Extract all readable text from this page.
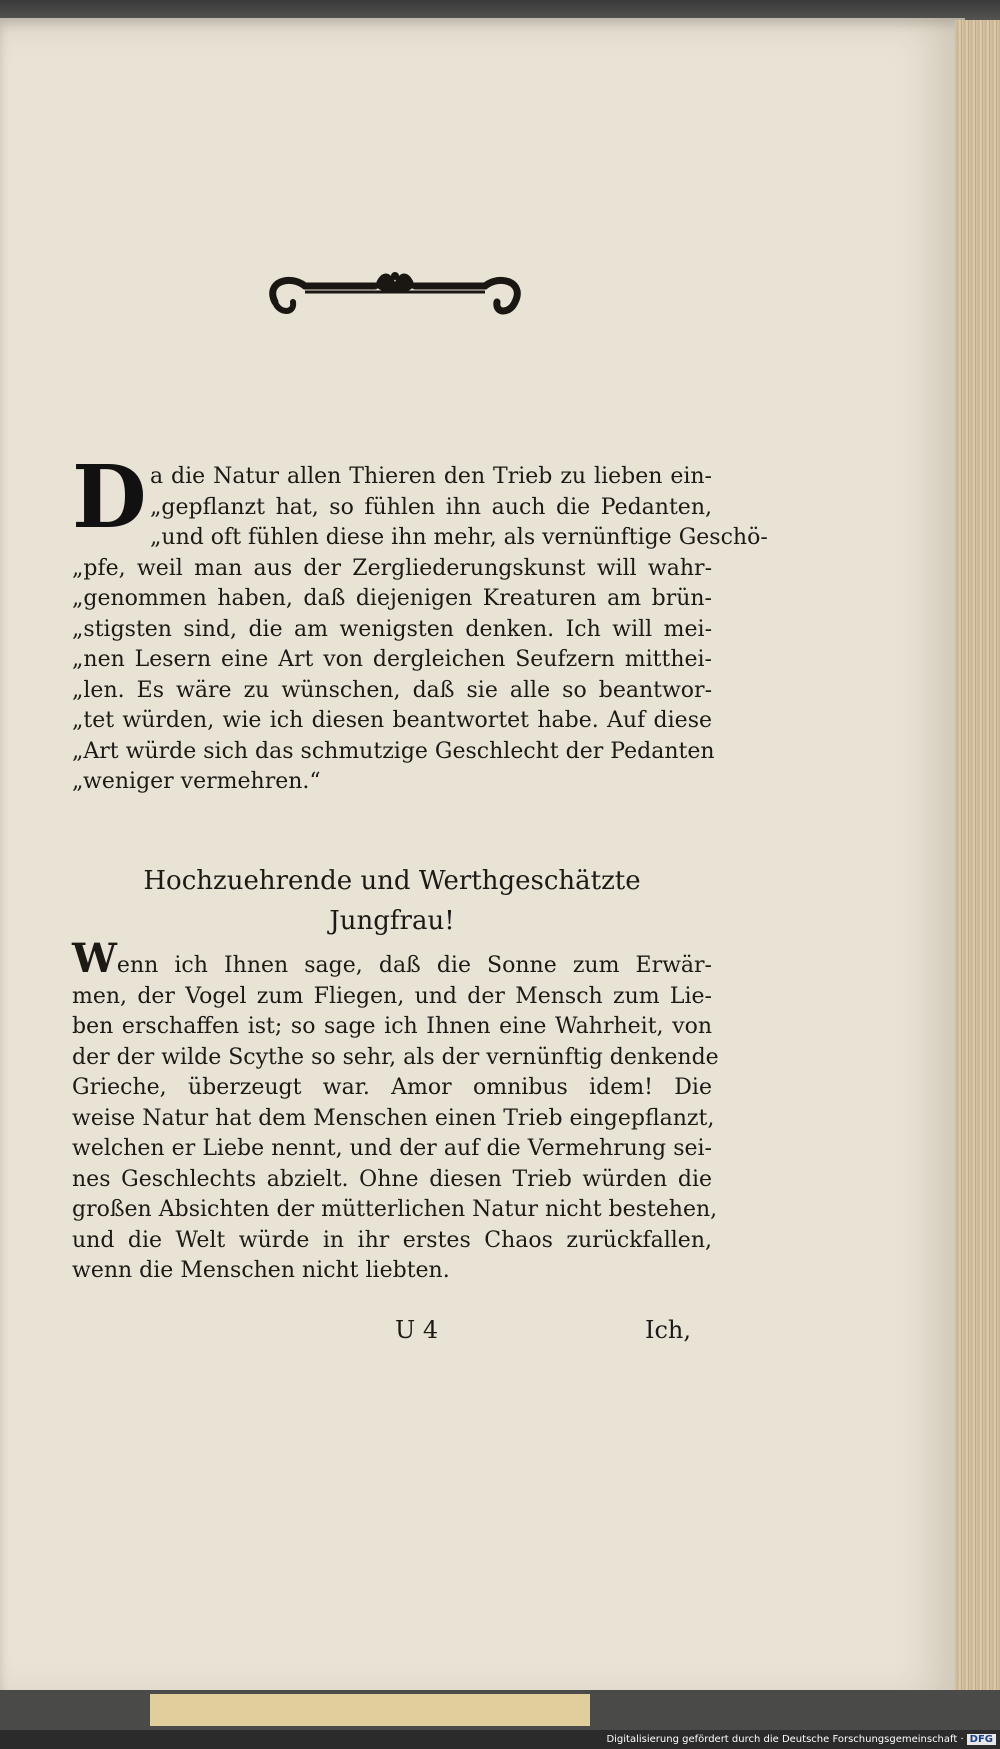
D a die Natur allen Thieren den Trieb zu lieben ein-
„gepflanzt hat, so fühlen ihn auch die Pedanten,
„und oft fühlen diese ihn mehr, als vernünftige Geschö-
„pfe, weil man aus der Zergliederungskunst will wahr-
„genommen haben, daß diejenigen Kreaturen am brün-
„stigsten sind, die am wenigsten denken. Ich will mei-
„nen Lesern eine Art von dergleichen Seufzern mitthei-
„len. Es wäre zu wünschen, daß sie alle so beantwor-
„tet würden, wie ich diesen beantwortet habe. Auf diese
„Art würde sich das schmutzige Geschlecht der Pedanten
„weniger vermehren.“
Hochzuehrende und Werthgeschätzte
Jungfrau!
Wenn ich Ihnen sage, daß die Sonne zum Erwär-
men, der Vogel zum Fliegen, und der Mensch zum Lie-
ben erschaffen ist; so sage ich Ihnen eine Wahrheit, von
der der wilde Scythe so sehr, als der vernünftig denkende
Grieche, überzeugt war. Amor omnibus idem! Die
weise Natur hat dem Menschen einen Trieb eingepflanzt,
welchen er Liebe nennt, und der auf die Vermehrung sei-
nes Geschlechts abzielt. Ohne diesen Trieb würden die
großen Absichten der mütterlichen Natur nicht bestehen,
und die Welt würde in ihr erstes Chaos zurückfallen,
wenn die Menschen nicht liebten.
U 4	Ich,
Digitalisierung gefördert durch die Deutsche Forschungsgemeinschaft · DFG
